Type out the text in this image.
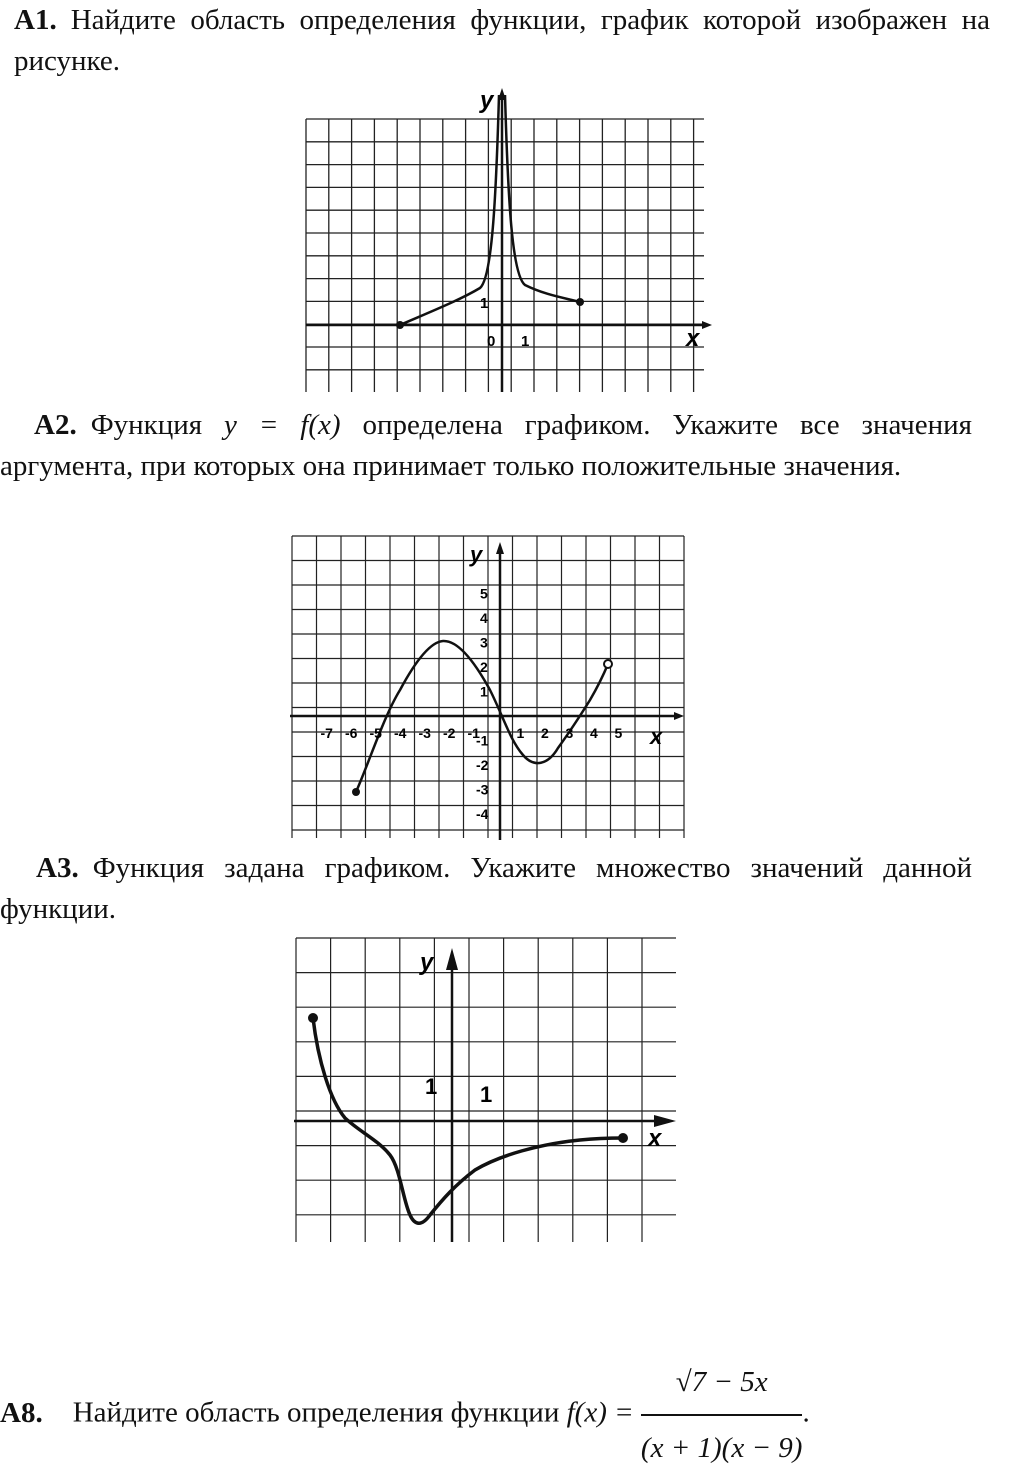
A1. Найдите область определения функции, график которой изображен на рисунке.
y
x
0 1
1
A2. Функция y = f(x) определена графиком. Укажите все значения аргумента, при которых она принимает только положительные значения.
-7 -6 -5 -4 -3 -2 -1	1 2 3 4 5
5
4
3
2
1
-1
-2
-3
-4
y
x
A3. Функция задана графиком. Укажите множество значений данной функции.
y
x
1 1
A8. Найдите область определения функции $f(x) = \frac{√7 - 5x}{(x + 1)(x - 9)}$ .
